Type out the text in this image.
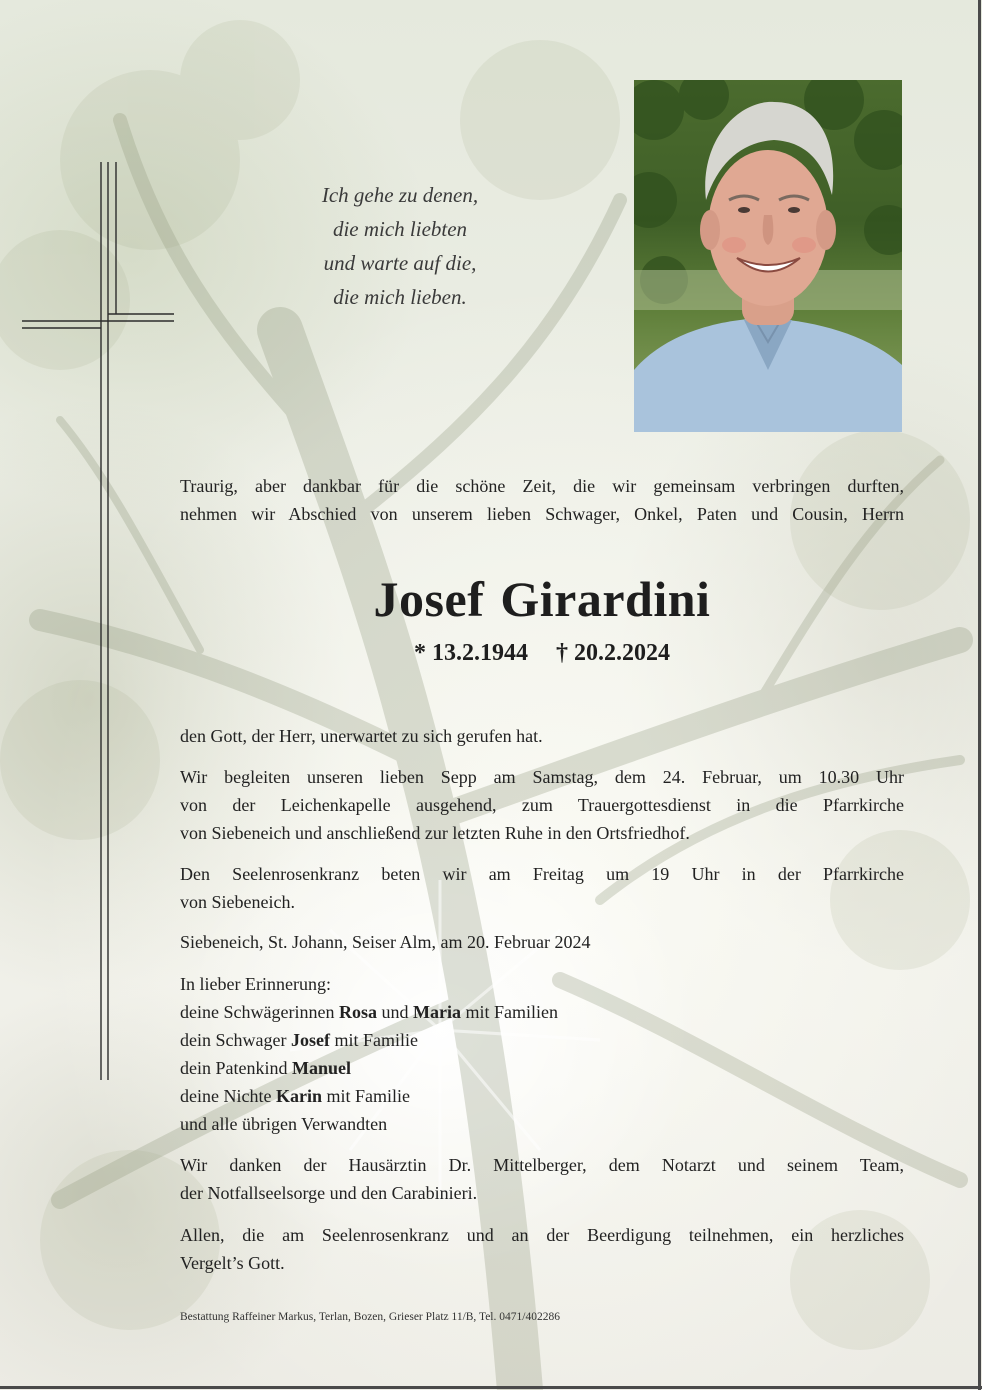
Ich gehe zu denen,
die mich liebten
und warte auf die,
die mich lieben.
Traurig, aber dankbar für die schöne Zeit, die wir gemeinsam verbringen durften,
nehmen wir Abschied von unserem lieben Schwager, Onkel, Paten und Cousin, Herrn
Josef Girardini
* 13.2.1944 † 20.2.2024
den Gott, der Herr, unerwartet zu sich gerufen hat.
Wir begleiten unseren lieben Sepp am Samstag, dem 24. Februar, um 10.30 Uhr
von der Leichenkapelle ausgehend, zum Trauergottesdienst in die Pfarrkirche
von Siebeneich und anschließend zur letzten Ruhe in den Ortsfriedhof.
Den Seelenrosenkranz beten wir am Freitag um 19 Uhr in der Pfarrkirche
von Siebeneich.
Siebeneich, St. Johann, Seiser Alm, am 20. Februar 2024
In lieber Erinnerung:
deine Schwägerinnen Rosa und Maria mit Familien
dein Schwager Josef mit Familie
dein Patenkind Manuel
deine Nichte Karin mit Familie
und alle übrigen Verwandten
Wir danken der Hausärztin Dr. Mittelberger, dem Notarzt und seinem Team,
der Notfallseelsorge und den Carabinieri.
Allen, die am Seelenrosenkranz und an der Beerdigung teilnehmen, ein herzliches
Vergelt’s Gott.
Bestattung Raffeiner Markus, Terlan, Bozen, Grieser Platz 11/B, Tel. 0471/402286
